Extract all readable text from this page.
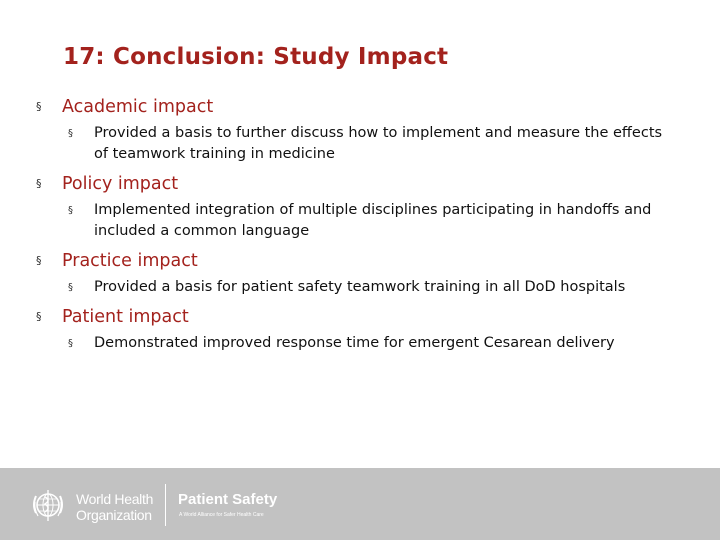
17: Conclusion: Study Impact
§ Academic impact
§ Provided a basis to further discuss how to implement and measure the effects of teamwork training in medicine
§ Policy impact
§ Implemented integration of multiple disciplines participating in handoffs and included a common language
§ Practice impact
§ Provided a basis for patient safety teamwork training in all DoD hospitals
§ Patient impact
§ Demonstrated improved response time for emergent Cesarean delivery
World Health
Organization
Patient Safety
A World Alliance for Safer Health Care
